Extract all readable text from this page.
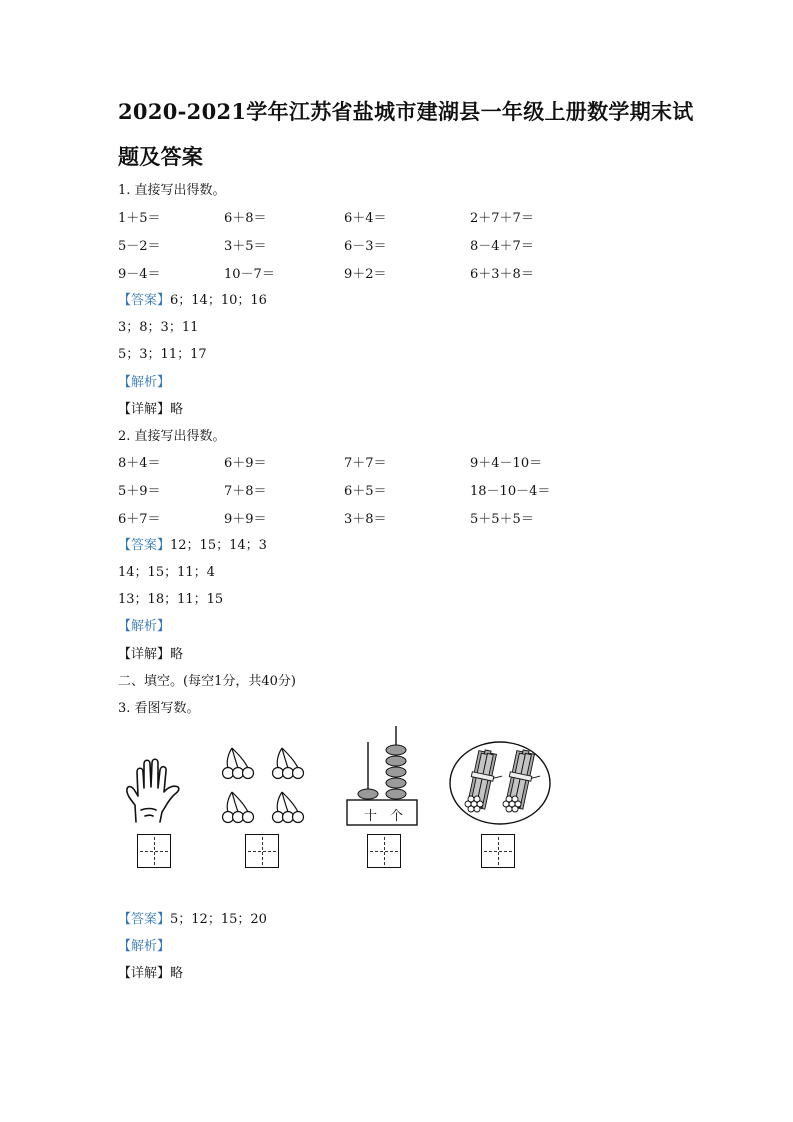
2020-2021学年江苏省盐城市建湖县一年级上册数学期末试
题及答案
1. 直接写出得数。
1＋5＝	6＋8＝	6＋4＝	2＋7＋7＝
5－2＝	3＋5＝	6－3＝	8－4＋7＝
9－4＝	10－7＝	9＋2＝	6＋3＋8＝
【答案】6；14；10；16
3；8；3；11
5；3；11；17
【解析】
【详解】略
2. 直接写出得数。
8＋4＝	6＋9＝	7＋7＝	9＋4－10＝
5＋9＝	7＋8＝	6＋5＝	18－10－4＝
6＋7＝	9＋9＝	3＋8＝	5＋5＋5＝
【答案】12；15；14；3
14；15；11；4
13；18；11；15
【解析】
【详解】略
二、填空。(每空1分，共40分)
3. 看图写数。
十 个
【答案】5；12；15；20
【解析】
【详解】略
